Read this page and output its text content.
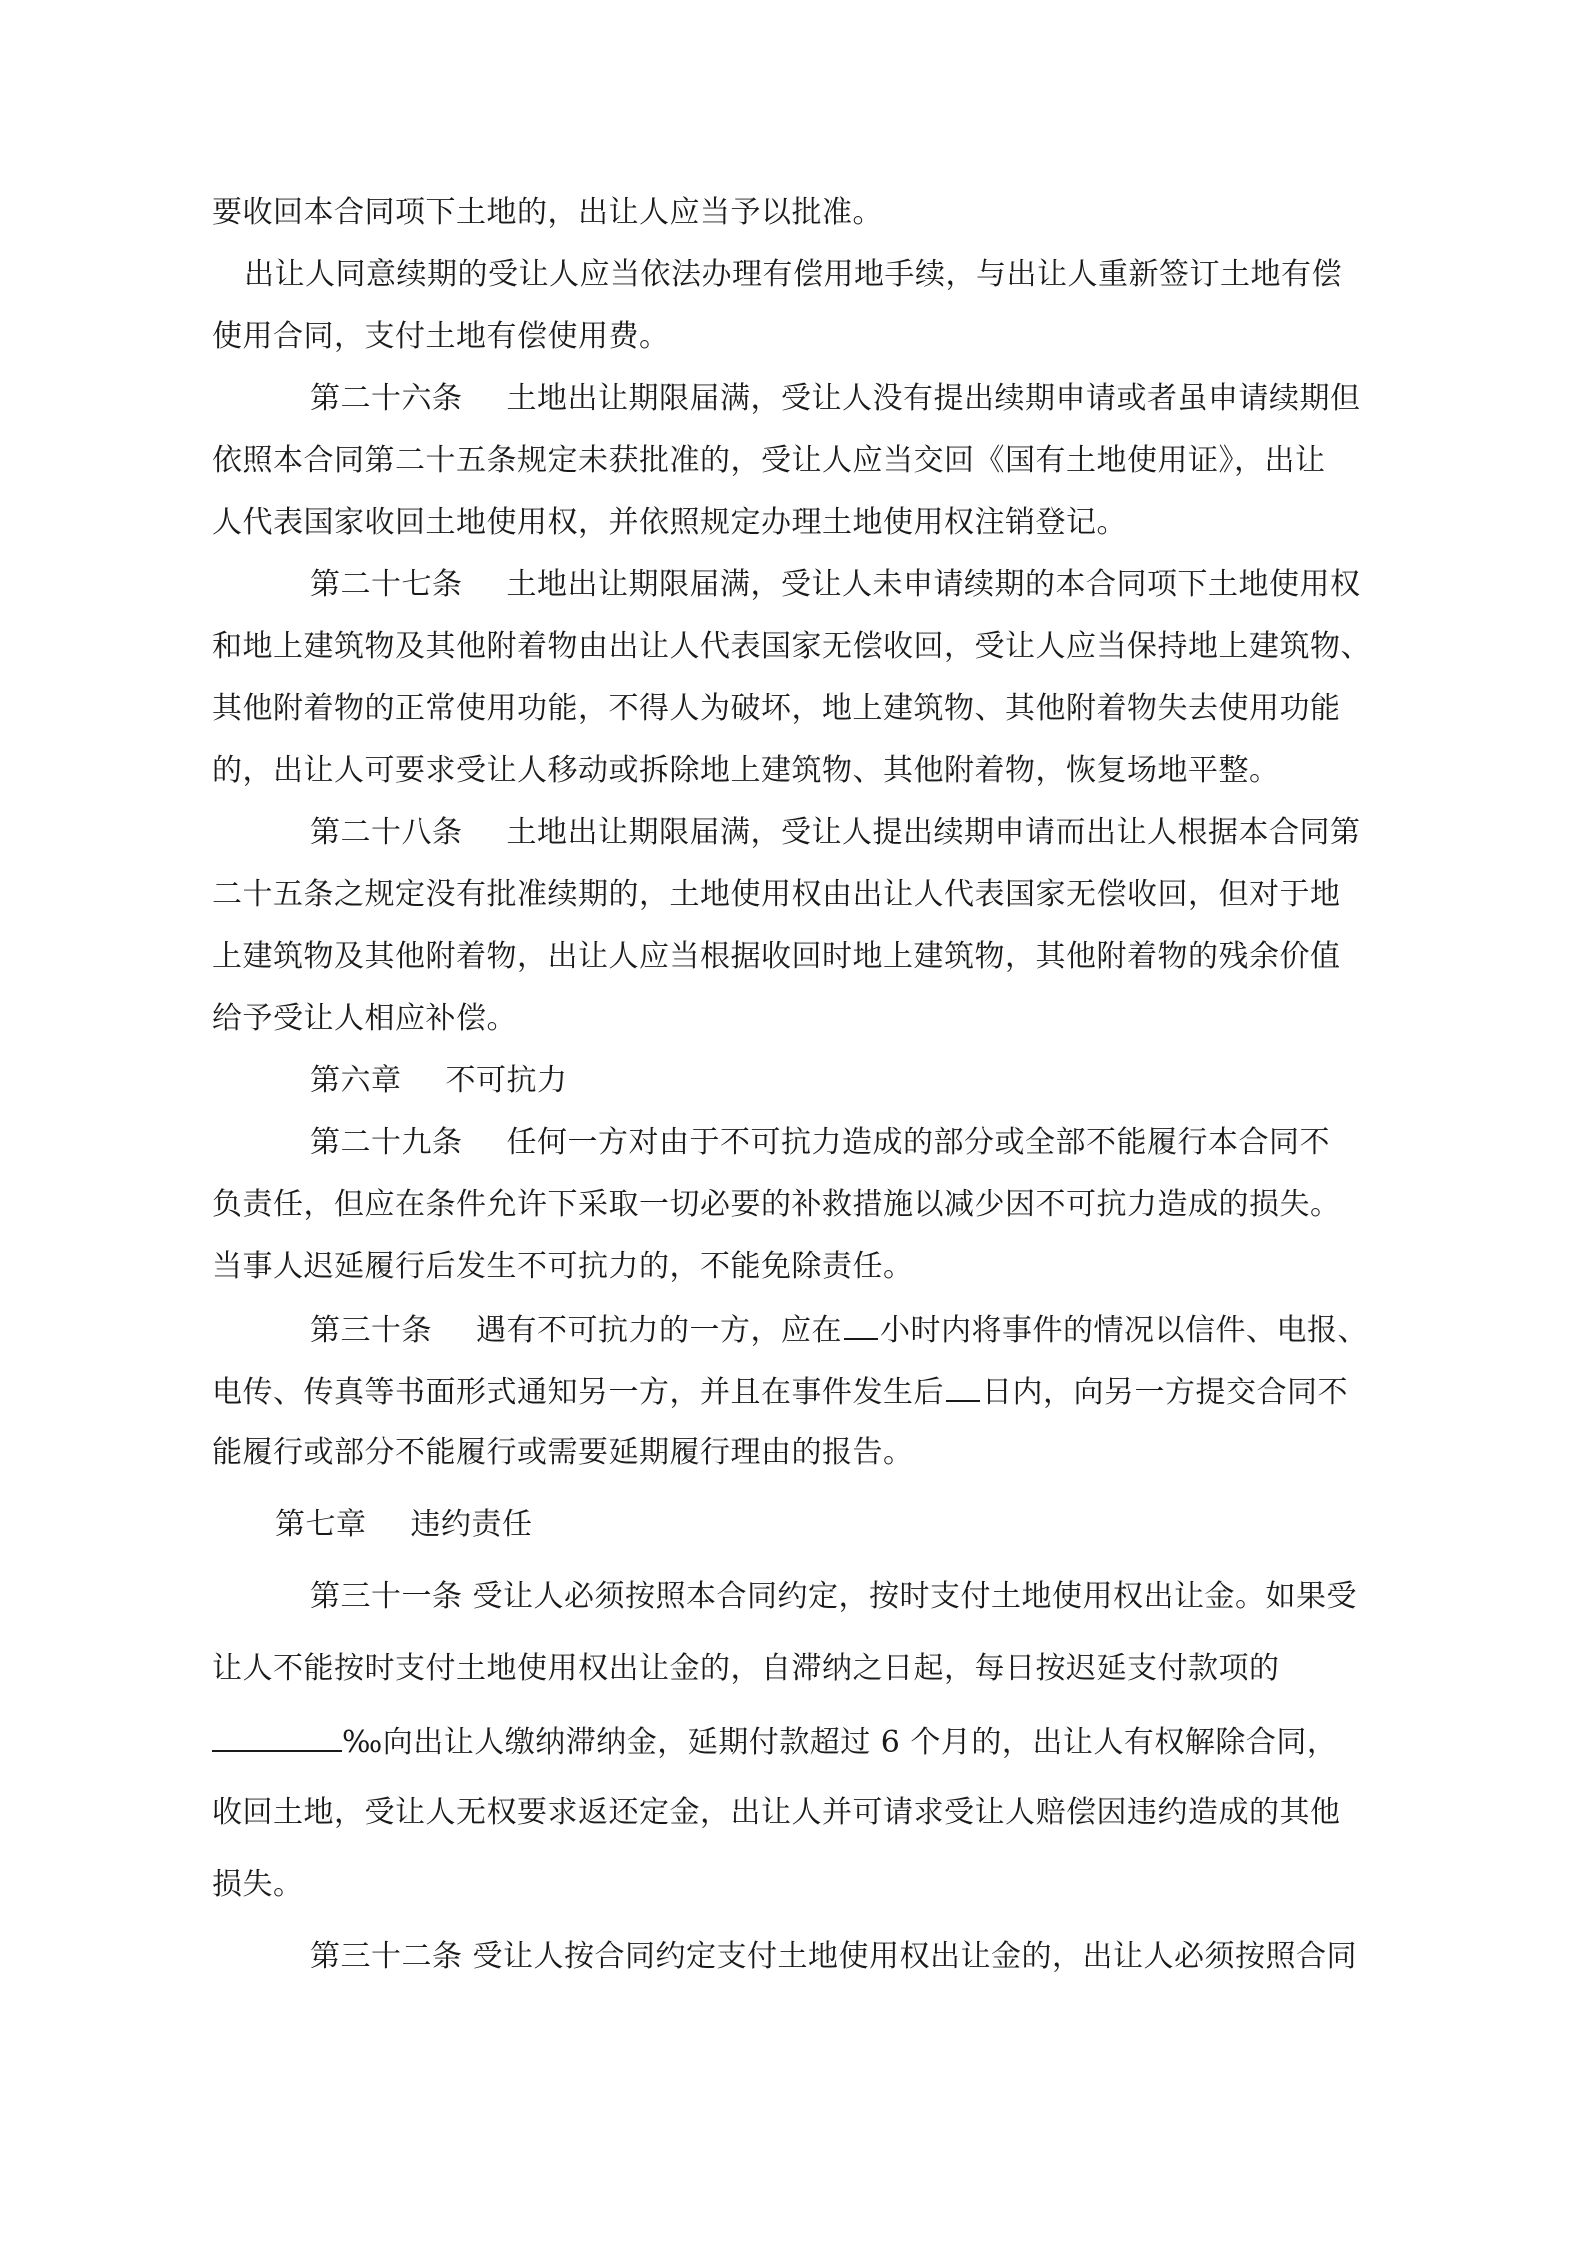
要收回本合同项下土地的，出让人应当予以批准。
出让人同意续期的受让人应当依法办理有偿用地手续，与出让人重新签订土地有偿
使用合同，支付土地有偿使用费。
第二十六条 土地出让期限届满，受让人没有提出续期申请或者虽申请续期但
依照本合同第二十五条规定未获批准的，受让人应当交回《国有土地使用证》，出让
人代表国家收回土地使用权，并依照规定办理土地使用权注销登记。
第二十七条 土地出让期限届满，受让人未申请续期的本合同项下土地使用权
和地上建筑物及其他附着物由出让人代表国家无偿收回，受让人应当保持地上建筑物、
其他附着物的正常使用功能，不得人为破坏，地上建筑物、其他附着物失去使用功能
的，出让人可要求受让人移动或拆除地上建筑物、其他附着物，恢复场地平整。
第二十八条 土地出让期限届满，受让人提出续期申请而出让人根据本合同第
二十五条之规定没有批准续期的，土地使用权由出让人代表国家无偿收回，但对于地
上建筑物及其他附着物，出让人应当根据收回时地上建筑物，其他附着物的残余价值
给予受让人相应补偿。
第六章 不可抗力
第二十九条 任何一方对由于不可抗力造成的部分或全部不能履行本合同不
负责任，但应在条件允许下采取一切必要的补救措施以减少因不可抗力造成的损失。
当事人迟延履行后发生不可抗力的，不能免除责任。
第三十条 遇有不可抗力的一方，应在 小时内将事件的情况以信件、电报、
电传、传真等书面形式通知另一方，并且在事件发生后 日内，向另一方提交合同不
能履行或部分不能履行或需要延期履行理由的报告。
第七章 违约责任
第三十一条 受让人必须按照本合同约定，按时支付土地使用权出让金。如果受
让人不能按时支付土地使用权出让金的，自滞纳之日起，每日按迟延支付款项的
‰向出让人缴纳滞纳金，延期付款超过 6 个月的，出让人有权解除合同，
收回土地，受让人无权要求返还定金，出让人并可请求受让人赔偿因违约造成的其他
损失。
第三十二条 受让人按合同约定支付土地使用权出让金的，出让人必须按照合同
